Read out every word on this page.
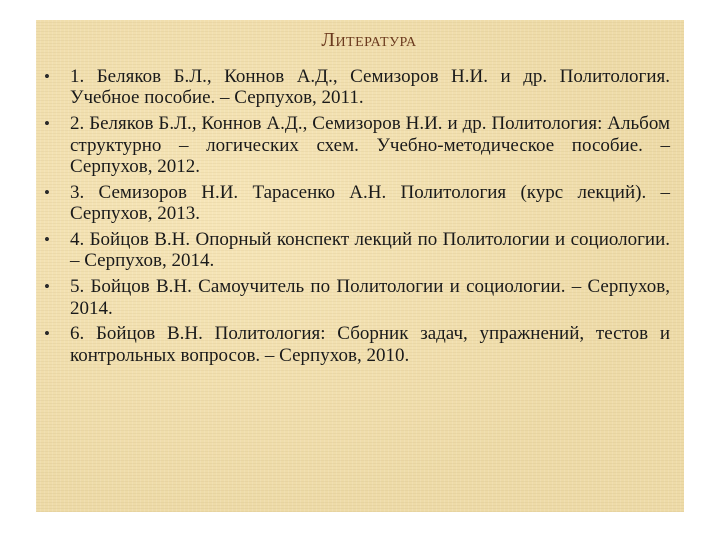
Литература
• 1. Беляков Б.Л., Коннов А.Д., Семизоров Н.И. и др. Политология. Учебное пособие. – Серпухов, 2011.
• 2. Беляков Б.Л., Коннов А.Д., Семизоров Н.И. и др. Политология: Альбом структурно – логических схем. Учебно-методическое пособие. – Серпухов, 2012.
• 3. Семизоров Н.И. Тарасенко А.Н. Политология (курс лекций). – Серпухов, 2013.
• 4. Бойцов В.Н. Опорный конспект лекций по Политологии и социологии. – Серпухов, 2014.
• 5. Бойцов В.Н. Самоучитель по Политологии и социологии. – Серпухов, 2014.
• 6. Бойцов В.Н. Политология: Сборник задач, упражнений, тестов и контрольных вопросов. – Серпухов, 2010.
